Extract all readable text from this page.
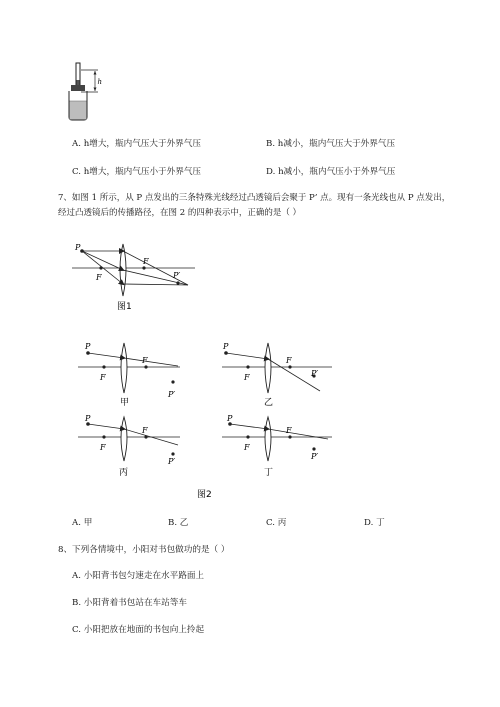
h
A. h增大，瓶内气压大于外界气压	B. h减小，瓶内气压大于外界气压
C. h增大，瓶内气压小于外界气压	D. h减小，瓶内气压小于外界气压
7、如图 1 所示，从 P 点发出的三条特殊光线经过凸透镜后会聚于 P’ 点。现有一条光线也从 P 点发出，
经过凸透镜后的传播路径，在图 2 的四种表示中，正确的是（ ）
P
F
F	P′
图1
P
F
F
P′
甲
P
F
F
P′
乙
P
F
F
P′
丙
P
F
F
P′
丁
图2
A. 甲	B. 乙	C. 丙	D. 丁
8、下列各情境中，小阳对书包做功的是（ ）
A. 小阳背书包匀速走在水平路面上
B. 小阳背着书包站在车站等车
C. 小阳把放在地面的书包向上拎起
